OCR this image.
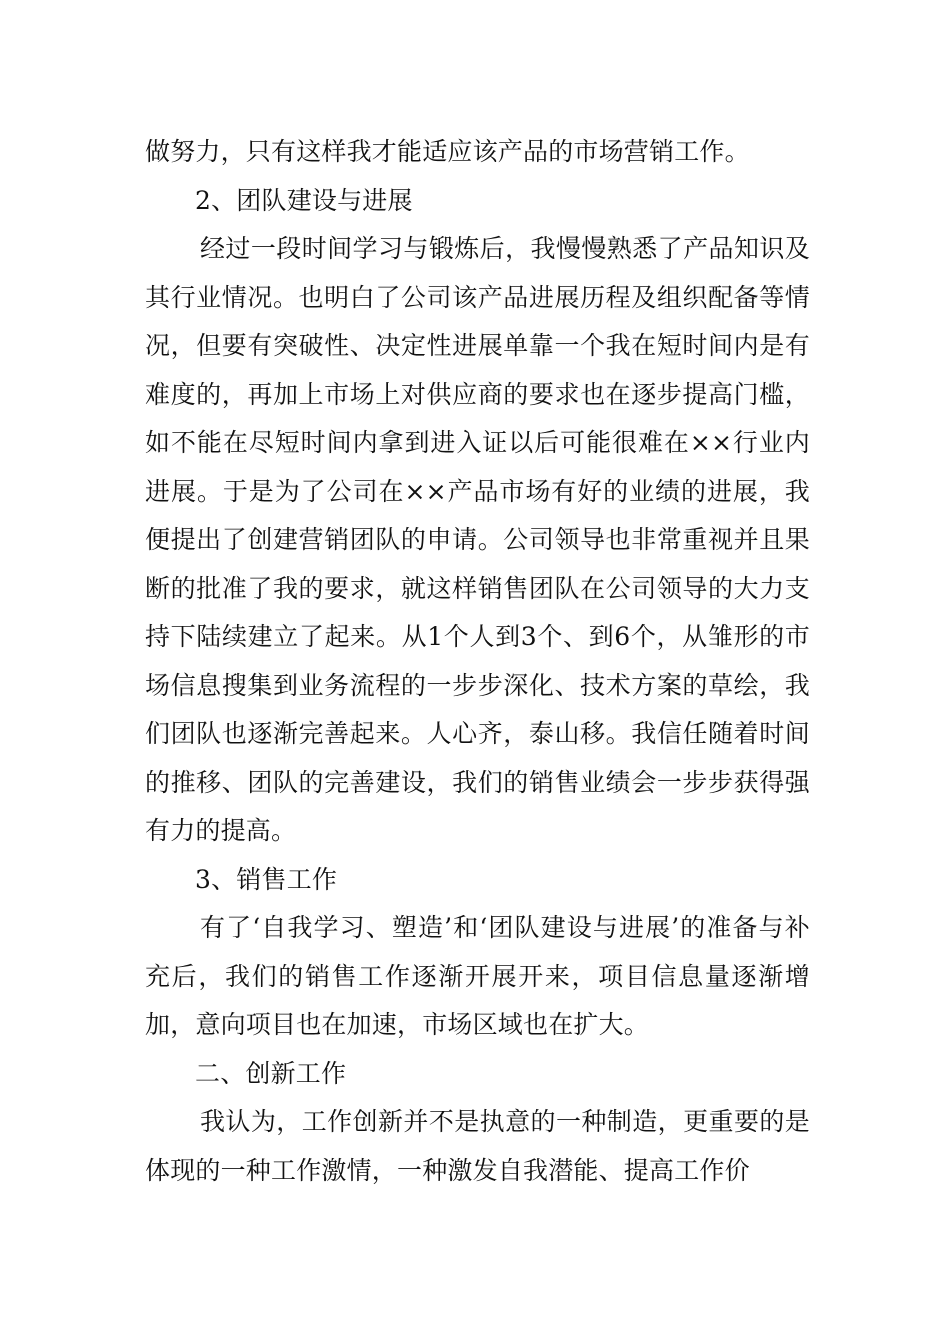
做努力，只有这样我才能适应该产品的市场营销工作。

2、团队建设与进展

经过一段时间学习与锻炼后，我慢慢熟悉了产品知识及其行业情况。也明白了公司该产品进展历程及组织配备等情况，但要有突破性、决定性进展单靠一个我在短时间内是有难度的，再加上市场上对供应商的要求也在逐步提高门槛，如不能在尽短时间内拿到进入证以后可能很难在××行业内进展。于是为了公司在××产品市场有好的业绩的进展，我便提出了创建营销团队的申请。公司领导也非常重视并且果断的批准了我的要求，就这样销售团队在公司领导的大力支持下陆续建立了起来。从1个人到3个、到6个，从雏形的市场信息搜集到业务流程的一步步深化、技术方案的草绘，我们团队也逐渐完善起来。人心齐，泰山移。我信任随着时间的推移、团队的完善建设，我们的销售业绩会一步步获得强有力的提高。

3、销售工作

有了‘自我学习、塑造’和‘团队建设与进展’的准备与补充后，我们的销售工作逐渐开展开来，项目信息量逐渐增加，意向项目也在加速，市场区域也在扩大。

二、创新工作

我认为，工作创新并不是执意的一种制造，更重要的是体现的一种工作激情，一种激发自我潜能、提高工作价
